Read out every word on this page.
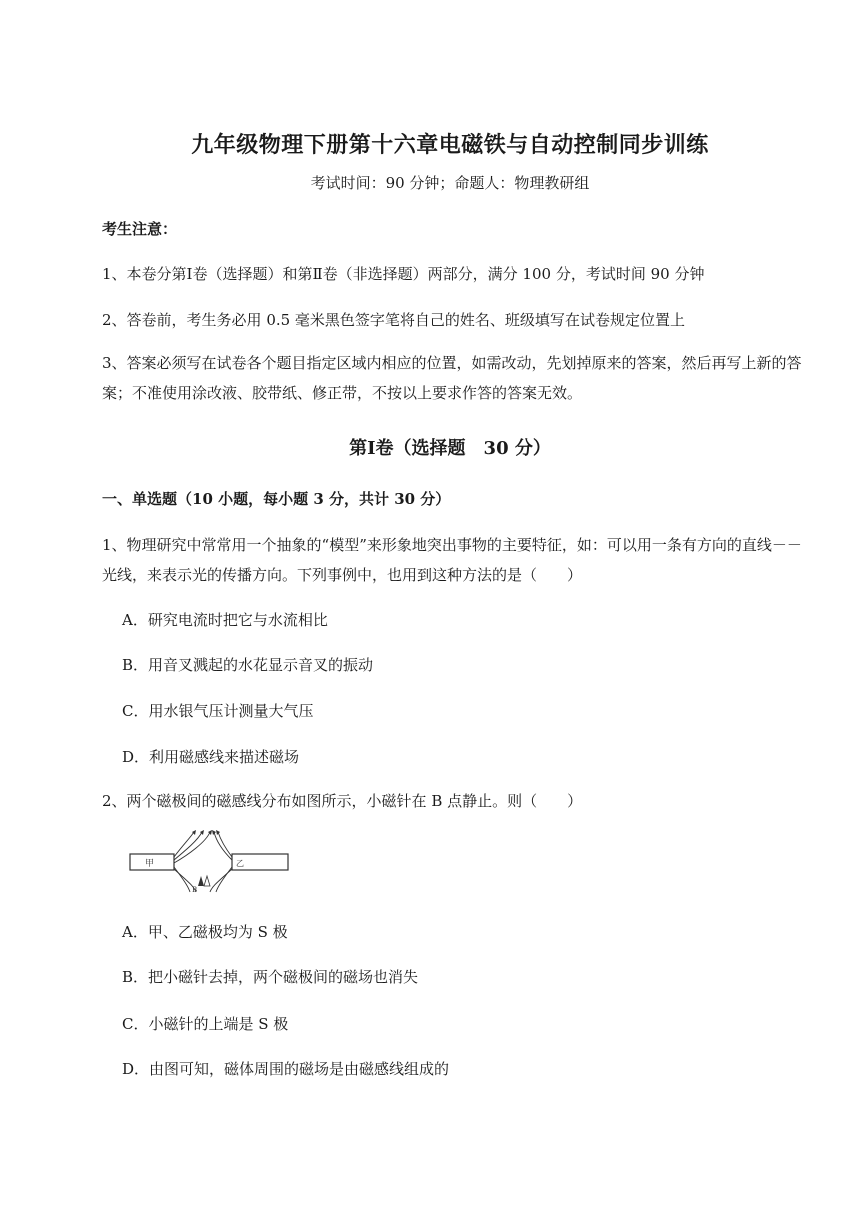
九年级物理下册第十六章电磁铁与自动控制同步训练
考试时间：90 分钟；命题人：物理教研组
考生注意：
1、本卷分第Ⅰ卷（选择题）和第Ⅱ卷（非选择题）两部分，满分 100 分，考试时间 90 分钟
2、答卷前，考生务必用 0.5 毫米黑色签字笔将自己的姓名、班级填写在试卷规定位置上
3、答案必须写在试卷各个题目指定区域内相应的位置，如需改动，先划掉原来的答案，然后再写上新的答案；不准使用涂改液、胶带纸、修正带，不按以上要求作答的答案无效。
第Ⅰ卷（选择题　30 分）
一、单选题（10 小题，每小题 3 分，共计 30 分）
1、物理研究中常常用一个抽象的“模型”来形象地突出事物的主要特征，如：可以用一条有方向的直线－－光线，来表示光的传播方向。下列事例中，也用到这种方法的是（　　）
A．研究电流时把它与水流相比
B．用音叉溅起的水花显示音叉的振动
C．用水银气压计测量大气压
D．利用磁感线来描述磁场
2、两个磁极间的磁感线分布如图所示，小磁针在 B 点静止。则（　　）
甲	乙
B
A．甲、乙磁极均为 S 极
B．把小磁针去掉，两个磁极间的磁场也消失
C．小磁针的上端是 S 极
D．由图可知，磁体周围的磁场是由磁感线组成的
